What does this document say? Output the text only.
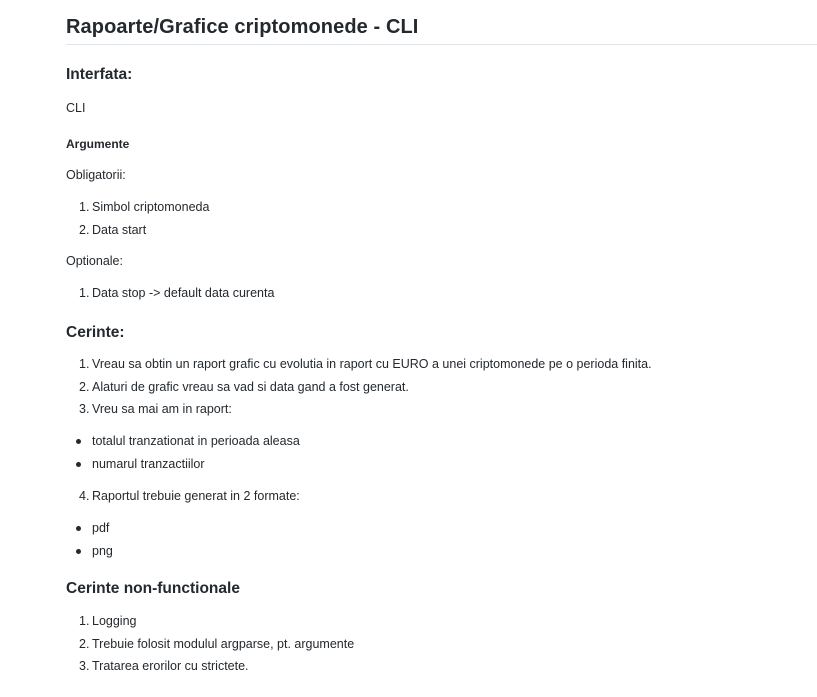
Rapoarte/Grafice criptomonede - CLI
Interfata:

CLI

Argumente

Obligatorii:

1. Simbol criptomoneda
2. Data start

Optionale:

1. Data stop -> default data curenta
Cerinte:
1. Vreau sa obtin un raport grafic cu evolutia in raport cu EURO a unei criptomonede pe o perioda finita.
2. Alaturi de grafic vreau sa vad si data gand a fost generat.
3. Vreu sa mai am in raport:
totalul tranzationat in perioada aleasa
numarul tranzactiilor
4. Raportul trebuie generat in 2 formate:
pdf
png
Cerinte non-functionale
1. Logging
2. Trebuie folosit modulul argparse, pt. argumente
3. Tratarea erorilor cu strictete.
